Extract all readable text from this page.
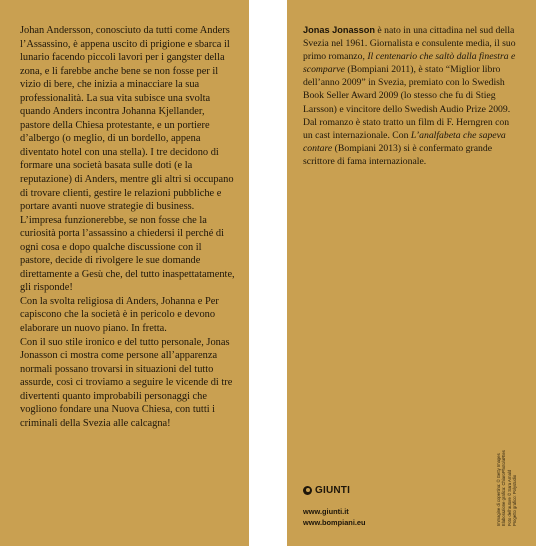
Johan Andersson, conosciuto da tutti come Anders l’Assassino, è appena uscito di prigione e sbarca il lunario facendo piccoli lavori per i gangster della zona, e li farebbe anche bene se non fosse per il vizio di bere, che inizia a minacciare la sua professionalità. La sua vita subisce una svolta quando Anders incontra Johanna Kjellander, pastore della Chiesa protestante, e un portiere d’albergo (o meglio, di un bordello, appena diventato hotel con una stella). I tre decidono di formare una società basata sulle doti (e la reputazione) di Anders, mentre gli altri si occupano di trovare clienti, gestire le relazioni pubbliche e portare avanti nuove strategie di business. L’impresa funzionerebbe, se non fosse che la curiosità porta l’assassino a chiedersi il perché di ogni cosa e dopo qualche discussione con il pastore, decide di rivolgere le sue domande direttamente a Gesù che, del tutto inaspettatamente, gli risponde!

Con la svolta religiosa di Anders, Johanna e Per capiscono che la società è in pericolo e devono elaborare un nuovo piano. In fretta.

Con il suo stile ironico e del tutto personale, Jonas Jonasson ci mostra come persone all’apparenza normali possano trovarsi in situazioni del tutto assurde, così ci troviamo a seguire le vicende di tre divertenti quanto improbabili personaggi che vogliono fondare una Nuova Chiesa, con tutti i criminali della Svezia alle calcagna!

Jonas Jonasson è nato in una cittadina nel sud della Svezia nel 1961. Giornalista e consulente media, il suo primo romanzo, Il centenario che saltò dalla finestra e scomparve (Bompiani 2011), è stato “Miglior libro dell’anno 2009” in Svezia, premiato con lo Swedish Book Seller Award 2009 (lo stesso che fu di Stieg Larsson) e vincitore dello Swedish Audio Prize 2009. Dal romanzo è stato tratto un film di F. Herngren con un cast internazionale. Con L’analfabeta che sapeva contare (Bompiani 2013) si è confermato grande scrittore di fama internazionale.
GIUNTI
www.giunti.it
www.bompiani.eu	Immagine di copertina: © Getty Images Elaborazione grafica: ChiaroPhoto/aRtes Foto dell’autore © Sara Arnald Progetto grafico: Polystudio
